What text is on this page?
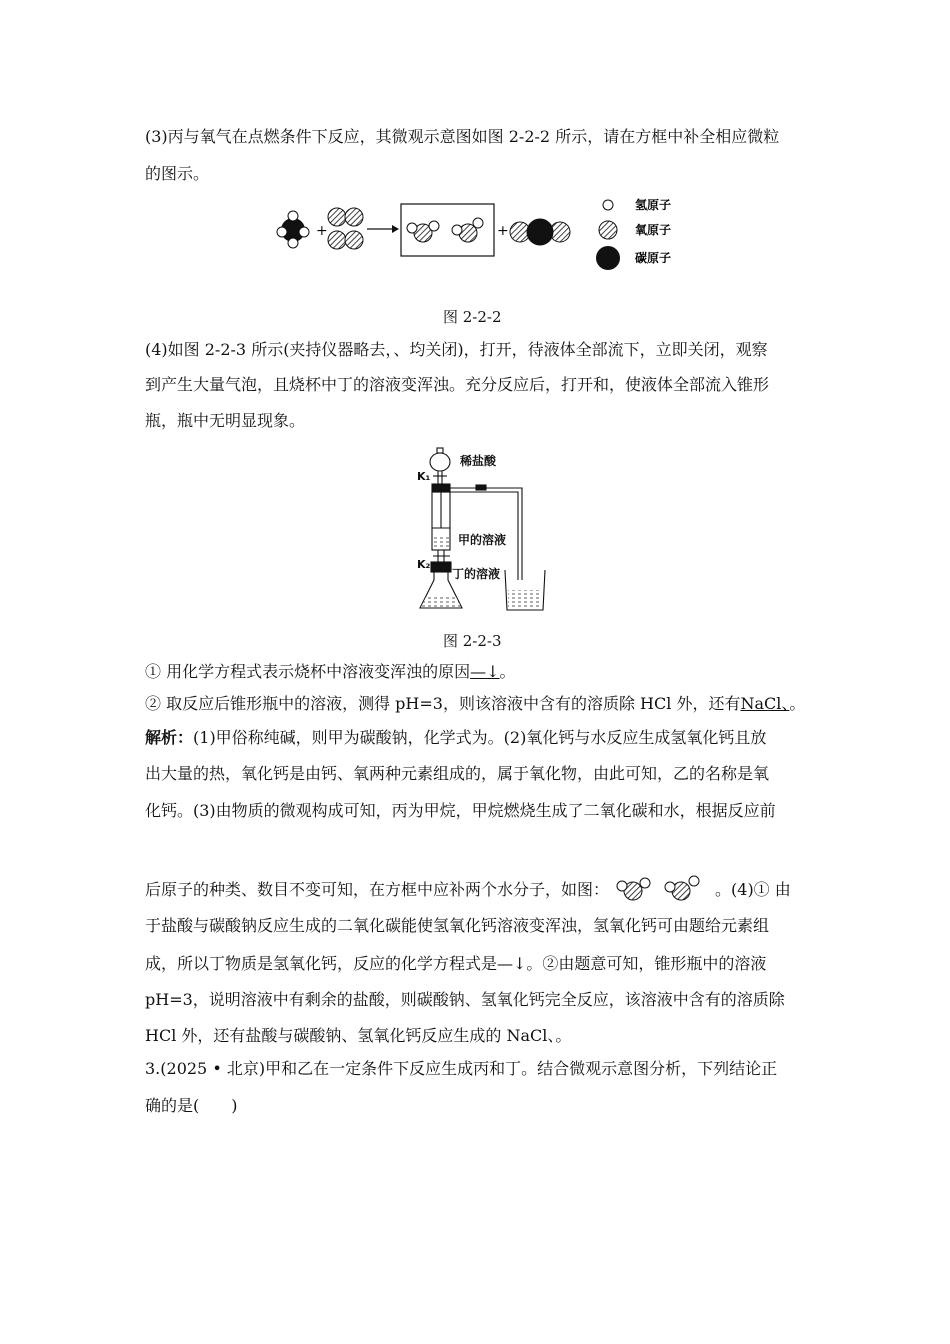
(3)丙与氧气在点燃条件下反应，其微观示意图如图 2-2-2 所示，请在方框中补全相应微粒
的图示。
+	+
氢原子
氧原子
碳原子
图 2-2-2
(4)如图 2-2-3 所示(夹持仪器略去，、均关闭)，打开，待液体全部流下，立即关闭，观察
到产生大量气泡，且烧杯中丁的溶液变浑浊。充分反应后，打开和，使液体全部流入锥形
瓶，瓶中无明显现象。
稀盐酸
K₁
甲的溶液
K₂
丁的溶液
图 2-2-3
① 用化学方程式表示烧杯中溶液变浑浊的原因—↓。
② 取反应后锥形瓶中的溶液，测得 pH=3，则该溶液中含有的溶质除 HCl 外，还有NaCl、。
解析：(1)甲俗称纯碱，则甲为碳酸钠，化学式为。(2)氧化钙与水反应生成氢氧化钙且放
出大量的热，氧化钙是由钙、氧两种元素组成的，属于氧化物，由此可知，乙的名称是氧
化钙。(3)由物质的微观构成可知，丙为甲烷，甲烷燃烧生成了二氧化碳和水，根据反应前
后原子的种类、数目不变可知，在方框中应补两个水分子，如图：	。(4)① 由
于盐酸与碳酸钠反应生成的二氧化碳能使氢氧化钙溶液变浑浊，氢氧化钙可由题给元素组
成，所以丁物质是氢氧化钙，反应的化学方程式是—↓。②由题意可知，锥形瓶中的溶液
pH=3，说明溶液中有剩余的盐酸，则碳酸钠、氢氧化钙完全反应，该溶液中含有的溶质除
HCl 外，还有盐酸与碳酸钠、氢氧化钙反应生成的 NaCl、。
3.(2025 • 北京)甲和乙在一定条件下反应生成丙和丁。结合微观示意图分析，下列结论正
确的是(　　)
